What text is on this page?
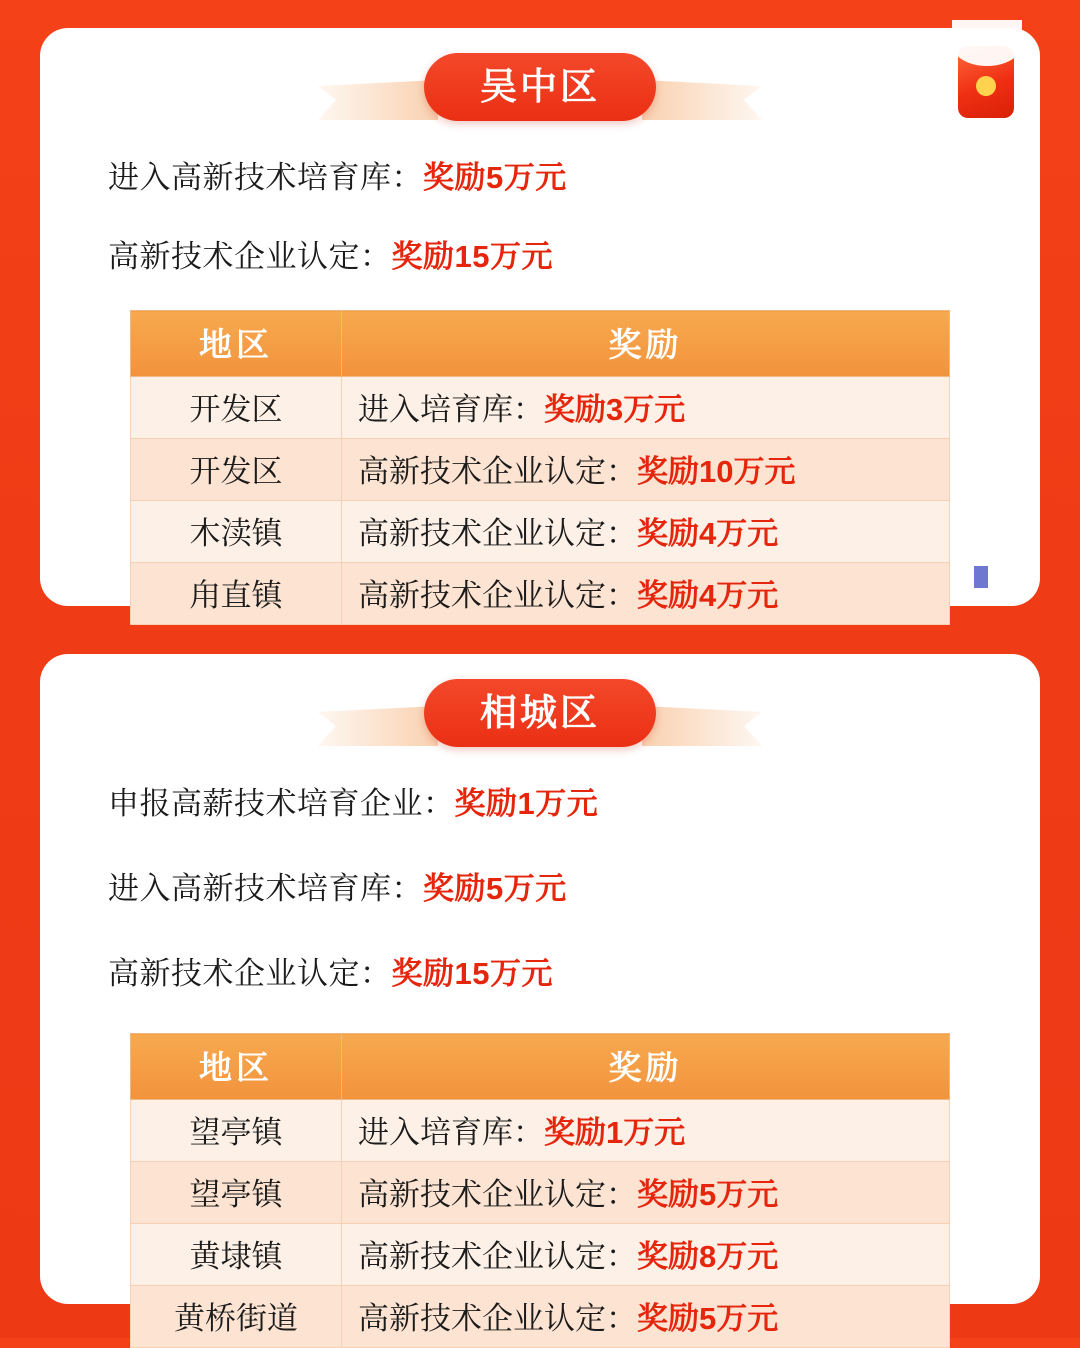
吴中区

进入高新技术培育库：奖励5万元

高新技术企业认定：奖励15万元

地区	奖励
开发区	进入培育库：奖励3万元
开发区	高新技术企业认定：奖励10万元
木渎镇	高新技术企业认定：奖励4万元
甪直镇	高新技术企业认定：奖励4万元
相城区

申报高薪技术培育企业：奖励1万元

进入高新技术培育库：奖励5万元

高新技术企业认定：奖励15万元

地区	奖励
望亭镇	进入培育库：奖励1万元
望亭镇	高新技术企业认定：奖励5万元
黄埭镇	高新技术企业认定：奖励8万元
黄桥街道	高新技术企业认定：奖励5万元
